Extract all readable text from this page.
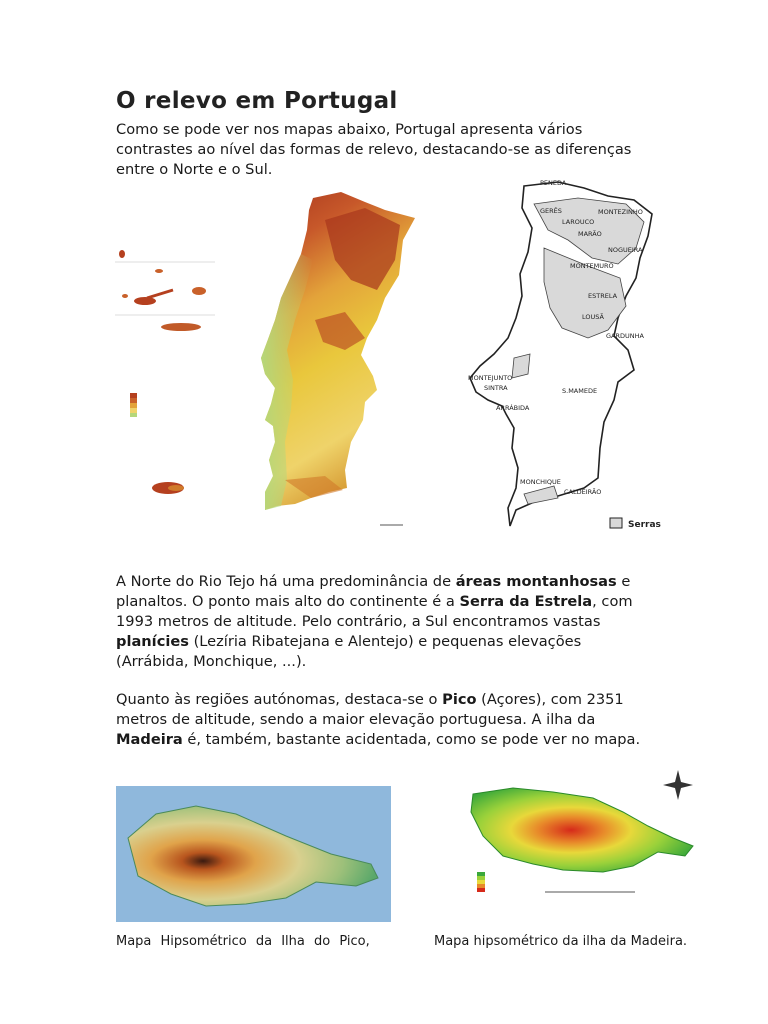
O relevo em Portugal
Como se pode ver nos mapas abaixo, Portugal apresenta vários contrastes ao nível das formas de relevo, destacando-se as diferenças entre o Norte e o Sul.
PENEDA
GERÊS
LAROUCO
MONTEZINHO
MARÃO
NOGUEIRA
MONTEMURO
ESTRELA
LOUSÃ
GARDUNHA
MONTEJUNTO
SINTRA
ARRÁBIDA
S.MAMEDE
MONCHIQUE
CALDEIRÃO
Serras
A Norte do Rio Tejo há uma predominância de áreas montanhosas e planaltos. O ponto mais alto do continente é a Serra da Estrela, com 1993 metros de altitude. Pelo contrário, a Sul encontramos vastas planícies (Lezíria Ribatejana e Alentejo) e pequenas elevações (Arrábida, Monchique, ...).
Quanto às regiões autónomas, destaca-se o Pico (Açores), com 2351 metros de altitude, sendo a maior elevação portuguesa. A ilha da Madeira é, também, bastante acidentada, como se pode ver no mapa.
Mapa Hipsométrico da Ilha do Pico,	Mapa hipsométrico da ilha da Madeira.
